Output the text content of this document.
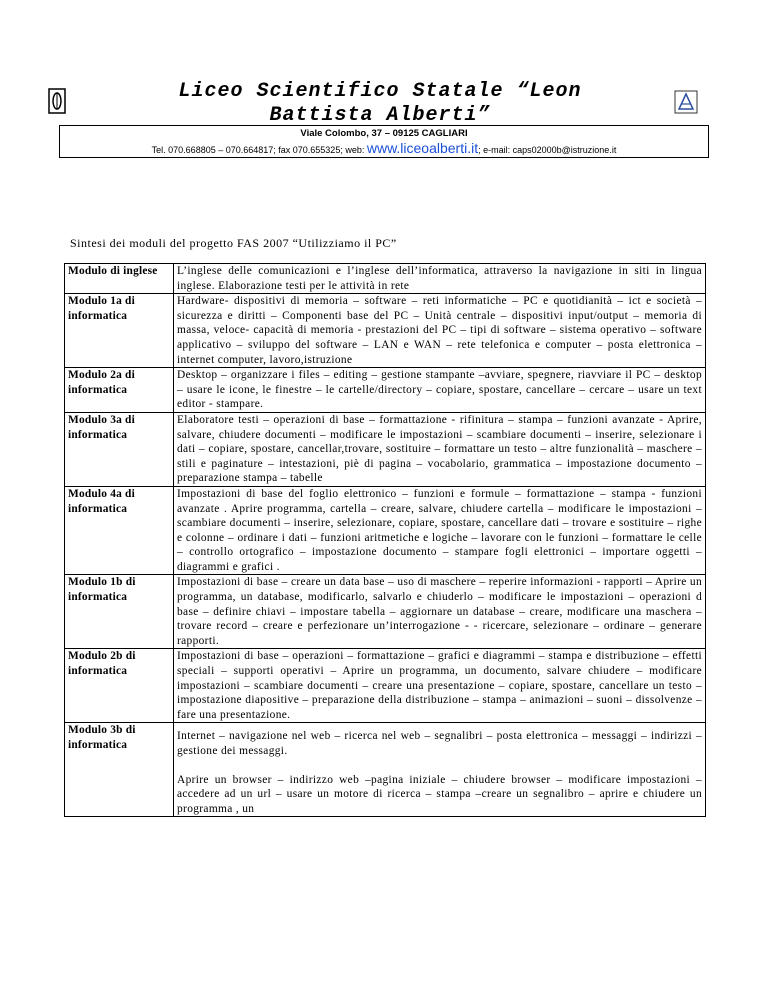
Liceo Scientifico Statale “Leon
Battista Alberti”
Viale Colombo, 37 – 09125 CAGLIARI
Tel. 070.668805 – 070.664817; fax 070.655325; web: www.liceoalberti.it; e-mail: caps02000b@istruzione.it
Sintesi dei moduli del progetto FAS 2007 “Utilizziamo il PC”
Modulo di inglese	L’inglese delle comunicazioni e l’inglese dell’informatica, attraverso la navigazione in siti in lingua inglese. Elaborazione testi per le attività in rete
Modulo 1a di informatica	Hardware- dispositivi di memoria – software – reti informatiche – PC e quotidianità – ict e società – sicurezza e diritti – Componenti base del PC – Unità centrale – dispositivi input/output – memoria di massa, veloce- capacità di memoria - prestazioni del PC – tipi di software – sistema operativo – software applicativo – sviluppo del software – LAN e WAN – rete telefonica e computer – posta elettronica – internet computer, lavoro,istruzione
Modulo 2a di informatica	Desktop – organizzare i files – editing – gestione stampante –avviare, spegnere, riavviare il PC – desktop – usare le icone, le finestre – le cartelle/directory – copiare, spostare, cancellare – cercare – usare un text editor - stampare.
Modulo 3a di informatica	Elaboratore testi – operazioni di base – formattazione - rifinitura – stampa – funzioni avanzate - Aprire, salvare, chiudere documenti – modificare le impostazioni – scambiare documenti – inserire, selezionare i dati – copiare, spostare, cancellar,trovare, sostituire – formattare un testo – altre funzionalità – maschere – stili e paginature – intestazioni, piè di pagina – vocabolario, grammatica – impostazione documento – preparazione stampa – tabelle
Modulo 4a di informatica	Impostazioni di base del foglio elettronico – funzioni e formule – formattazione – stampa - funzioni avanzate . Aprire programma, cartella – creare, salvare, chiudere cartella – modificare le impostazioni – scambiare documenti – inserire, selezionare, copiare, spostare, cancellare dati – trovare e sostituire – righe e colonne – ordinare i dati – funzioni aritmetiche e logiche – lavorare con le funzioni – formattare le celle – controllo ortografico – impostazione documento – stampare fogli elettronici – importare oggetti – diagrammi e grafici .
Modulo 1b di informatica	Impostazioni di base – creare un data base – uso di maschere – reperire informazioni - rapporti – Aprire un programma, un database, modificarlo, salvarlo e chiuderlo – modificare le impostazioni – operazioni d base – definire chiavi – impostare tabella – aggiornare un database – creare, modificare una maschera – trovare record – creare e perfezionare un’interrogazione - - ricercare, selezionare – ordinare – generare rapporti.
Modulo 2b di informatica	Impostazioni di base – operazioni – formattazione – grafici e diagrammi – stampa e distribuzione – effetti speciali – supporti operativi – Aprire un programma, un documento, salvare chiudere – modificare impostazioni – scambiare documenti – creare una presentazione – copiare, spostare, cancellare un testo – impostazione diapositive – preparazione della distribuzione – stampa – animazioni – suoni – dissolvenze – fare una presentazione.
Modulo 3b di informatica	Internet – navigazione nel web – ricerca nel web – segnalibri – posta elettronica – messaggi – indirizzi – gestione dei messaggi.
Aprire un browser – indirizzo web –pagina iniziale – chiudere browser – modificare impostazioni –accedere ad un url – usare un motore di ricerca – stampa –creare un segnalibro – aprire e chiudere un programma , un
